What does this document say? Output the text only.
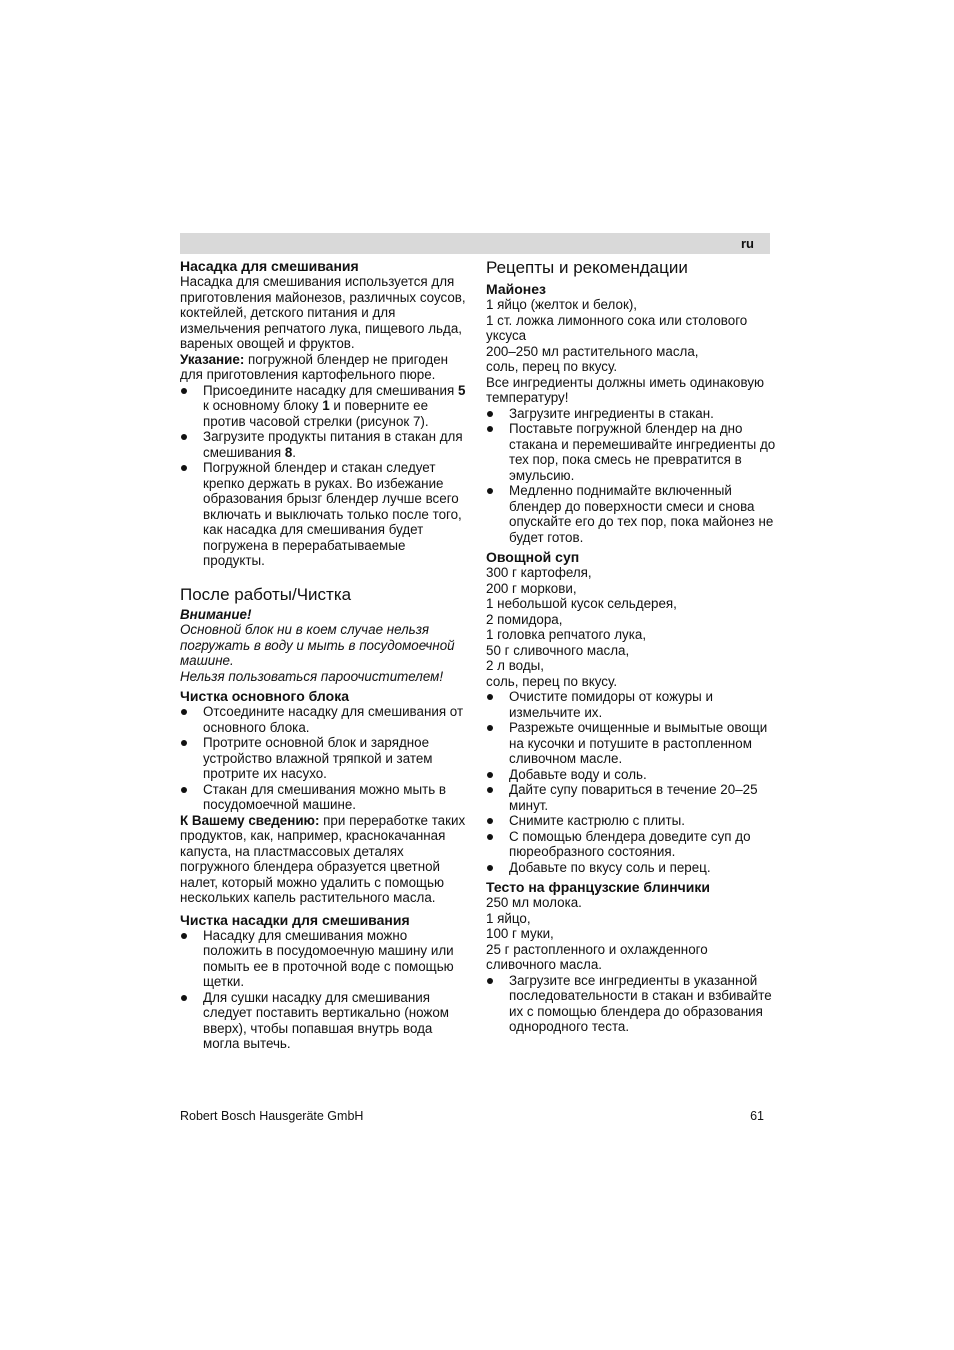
ru
Насадка для смешивания

Насадка для смешивания используется для приготовления майонезов, различных соусов, коктейлей, детского питания и для измельчения репчатого лука, пищевого льда, вареных овощей и фруктов.

Указание: погружной блендер не пригоден для приготовления картофельного пюре.

Присоедините насадку для смешивания 5 к основному блоку 1 и поверните ее против часовой стрелки (рисунок 7).
Загрузите продукты питания в стакан для смешивания 8.
Погружной блендер и стакан следует крепко держать в руках. Во избежание образования брызг блендер лучше всего включать и выключать только после того, как насадка для смешивания будет погружена в перерабатываемые продукты.
После работы/Чистка

Внимание!

Основной блок ни в коем случае нельзя погружать в воду и мыть в посудомоечной машине.

Нельзя пользоваться пароочистителем!

Чистка основного блока
Отсоедините насадку для смешивания от основного блока.
Протрите основной блок и зарядное устройство влажной тряпкой и затем протрите их насухо.
Стакан для смешивания можно мыть в посудомоечной машине.

К Вашему сведению: при переработке таких продуктов, как, например, краснокачанная капуста, на пластмассовых деталях погружного блендера образуется цветной налет, который можно удалить с помощью нескольких капель растительного масла.

Чистка насадки для смешивания
Насадку для смешивания можно положить в посудомоечную машину или помыть ее в проточной воде с помощью щетки.
Для сушки насадку для смешивания следует поставить вертикально (ножом вверх), чтобы попавшая внутрь вода могла вытечь.
Рецепты и рекомендации
Майонез

1 яйцо (желток и белок),

1 ст. ложка лимонного сока или столового уксуса

200–250 мл растительного масла,

соль, перец по вкусу.

Все ингредиенты должны иметь одинаковую температуру!

Загрузите ингредиенты в стакан.
Поставьте погружной блендер на дно стакана и перемешивайте ингредиенты до тех пор, пока смесь не превратится в эмульсию.
Медленно поднимайте включенный блендер до поверхности смеси и снова опускайте его до тех пор, пока майонез не будет готов.
Овощной суп

300 г картофеля,

200 г моркови,

1 небольшой кусок сельдерея,

2 помидора,

1 головка репчатого лука,

50 г сливочного масла,

2 л воды,

соль, перец по вкусу.

Очистите помидоры от кожуры и измельчите их.
Разрежьте очищенные и вымытые овощи на кусочки и потушите в растопленном сливочном масле.
Добавьте воду и соль.
Дайте супу повариться в течение 20–25 минут.
Снимите кастрюлю с плиты.
С помощью блендера доведите суп до пюреобразного состояния.
Добавьте по вкусу соль и перец.
Тесто на французские блинчики

250 мл молока.

1 яйцо,

100 г муки,

25 г растопленного и охлажденного сливочного масла.

Загрузите все ингредиенты в указанной последовательности в стакан и взбивайте их с помощью блендера до образования однородного теста.
Robert Bosch Hausgeräte GmbH	61
